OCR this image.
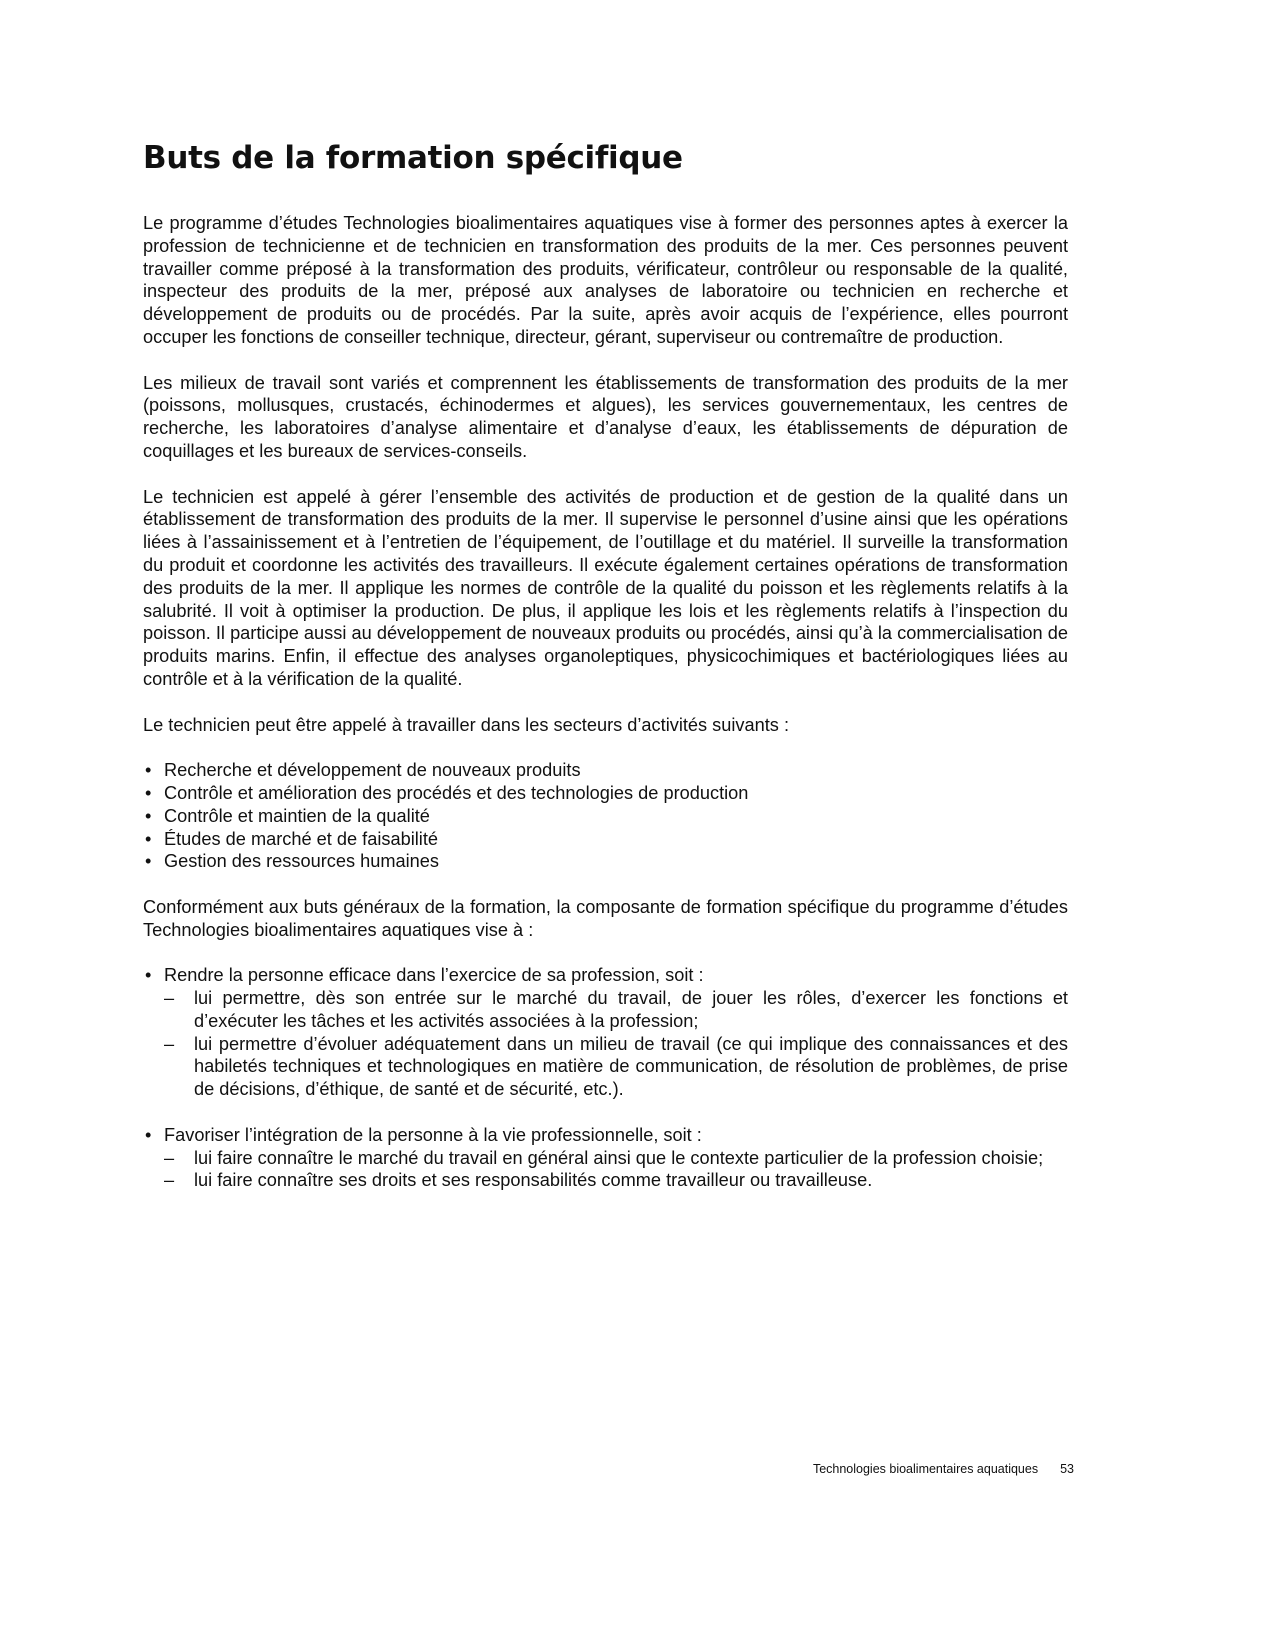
Buts de la formation spécifique

Le programme d’études Technologies bioalimentaires aquatiques vise à former des personnes aptes à exercer la profession de technicienne et de technicien en transformation des produits de la mer. Ces personnes peuvent travailler comme préposé à la transformation des produits, vérificateur, contrôleur ou responsable de la qualité, inspecteur des produits de la mer, préposé aux analyses de laboratoire ou technicien en recherche et développement de produits ou de procédés. Par la suite, après avoir acquis de l’expérience, elles pourront occuper les fonctions de conseiller technique, directeur, gérant, superviseur ou contremaître de production.

Les milieux de travail sont variés et comprennent les établissements de transformation des produits de la mer (poissons, mollusques, crustacés, échinodermes et algues), les services gouvernementaux, les centres de recherche, les laboratoires d’analyse alimentaire et d’analyse d’eaux, les établissements de dépuration de coquillages et les bureaux de services-conseils.

Le technicien est appelé à gérer l’ensemble des activités de production et de gestion de la qualité dans un établissement de transformation des produits de la mer. Il supervise le personnel d’usine ainsi que les opérations liées à l’assainissement et à l’entretien de l’équipement, de l’outillage et du matériel. Il surveille la transformation du produit et coordonne les activités des travailleurs. Il exécute également certaines opérations de transformation des produits de la mer. Il applique les normes de contrôle de la qualité du poisson et les règlements relatifs à la salubrité. Il voit à optimiser la production. De plus, il applique les lois et les règlements relatifs à l’inspection du poisson. Il participe aussi au développement de nouveaux produits ou procédés, ainsi qu’à la commercialisation de produits marins. Enfin, il effectue des analyses organoleptiques, physicochimiques et bactériologiques liées au contrôle et à la vérification de la qualité.

Le technicien peut être appelé à travailler dans les secteurs d’activités suivants :

• Recherche et développement de nouveaux produits
• Contrôle et amélioration des procédés et des technologies de production
• Contrôle et maintien de la qualité
• Études de marché et de faisabilité
• Gestion des ressources humaines

Conformément aux buts généraux de la formation, la composante de formation spécifique du programme d’études Technologies bioalimentaires aquatiques vise à :

• Rendre la personne efficace dans l’exercice de sa profession, soit :
– lui permettre, dès son entrée sur le marché du travail, de jouer les rôles, d’exercer les fonctions et d’exécuter les tâches et les activités associées à la profession;
– lui permettre d’évoluer adéquatement dans un milieu de travail (ce qui implique des connaissances et des habiletés techniques et technologiques en matière de communication, de résolution de problèmes, de prise de décisions, d’éthique, de santé et de sécurité, etc.).
• Favoriser l’intégration de la personne à la vie professionnelle, soit :
– lui faire connaître le marché du travail en général ainsi que le contexte particulier de la profession choisie;
– lui faire connaître ses droits et ses responsabilités comme travailleur ou travailleuse.
Technologies bioalimentaires aquatiques 53
